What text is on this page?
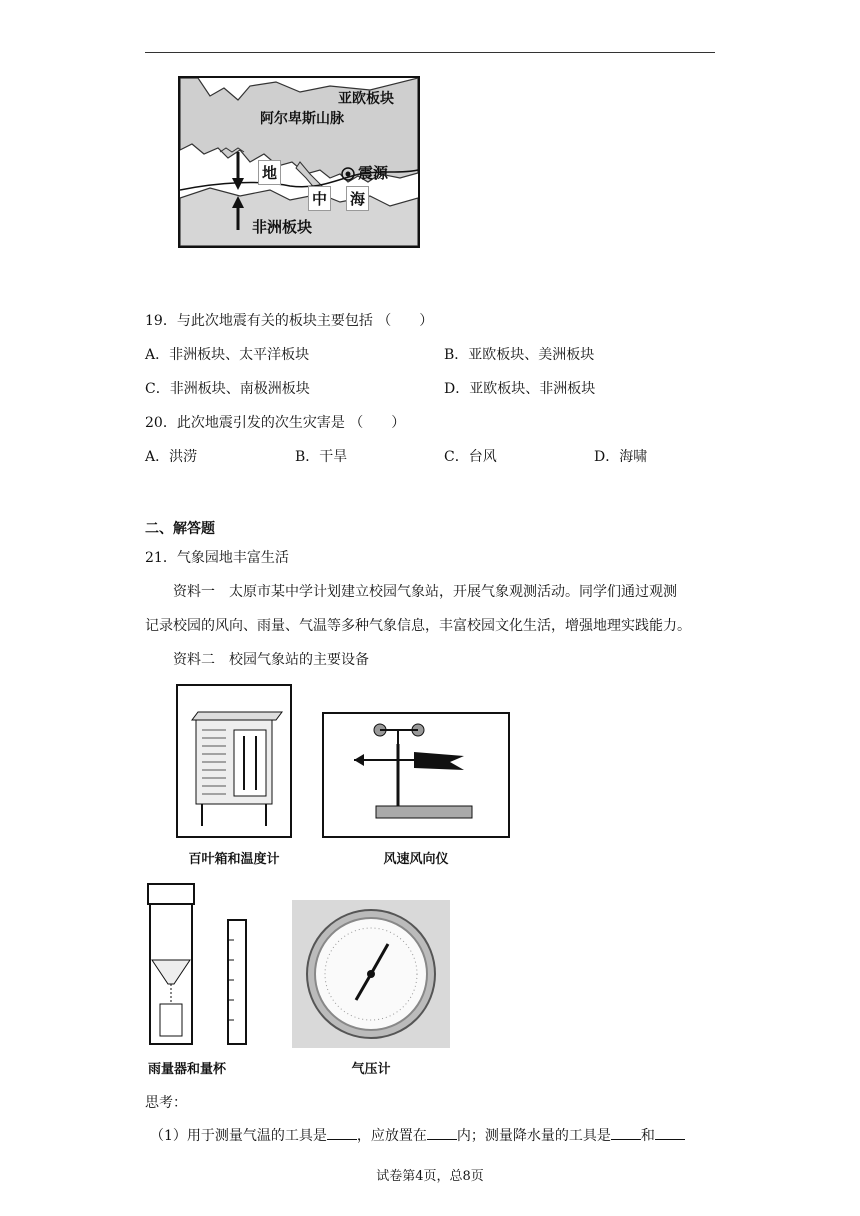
亚欧板块
阿尔卑斯山脉
地
中 海
震源
非洲板块
19．与此次地震有关的板块主要包括 （　　）
A．非洲板块、太平洋板块	B．亚欧板块、美洲板块
C．非洲板块、南极洲板块	D．亚欧板块、非洲板块
20．此次地震引发的次生灾害是 （　　）
A．洪涝	B．干旱	C．台风	D．海啸
二、解答题
21．气象园地丰富生活
资料一　太原市某中学计划建立校园气象站，开展气象观测活动。同学们通过观测
记录校园的风向、雨量、气温等多种气象信息，丰富校园文化生活，增强地理实践能力。
资料二　校园气象站的主要设备
百叶箱和温度计	风速风向仪
雨量器和量杯	气压计
思考：
（1）用于测量气温的工具是 ，应放置在 内；测量降水量的工具是 和
试卷第4页，总8页
